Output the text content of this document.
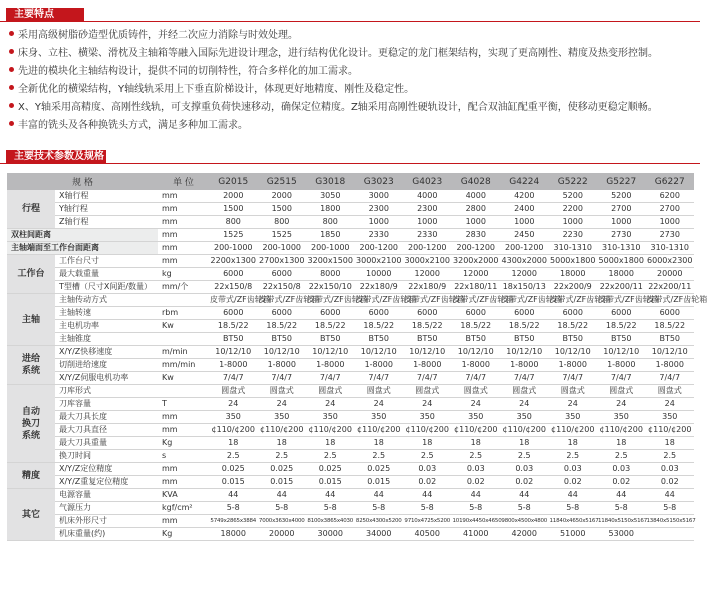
主要特点
采用高级树脂砂造型优质铸件，并经二次应力消除与时效处理。
床身、立柱、横梁、滑枕及主轴箱等融入国际先进设计理念，进行结构优化设计。更稳定的龙门框架结构，实现了更高刚性、精度及热变形控制。
先进的模块化主轴结构设计，提供不同的切削特性，符合多样化的加工需求。
全新优化的横梁结构，Y轴线轨采用上下垂直阶梯设计，体现更好地精度、刚性及稳定性。
X、Y轴采用高精度、高刚性线轨，可支撑重负荷快速移动，确保定位精度。Z轴采用高刚性硬轨设计，配合双油缸配重平衡，使移动更稳定顺畅。
丰富的铣头及各种换铣头方式，满足多种加工需求。
主要技术参数及规格
规 格		单 位	G2015	G2515	G3018	G3023	G4023	G4028	G4224	G5222	G5227	G6227
行程	X轴行程	mm	2000	2000	3050	3000	4000	4000	4200	5200	5200	6200
	Y轴行程	mm	1500	1500	1800	2300	2300	2800	2400	2200	2700	2700
	Z轴行程	mm	800	800	800	1000	1000	1000	1000	1000	1000	1000
双柱间距离		mm	1525	1525	1850	2330	2330	2830	2450	2230	2730	2730
主轴端面至工作台面距离		mm	200-1000	200-1000	200-1000	200-1200	200-1200	200-1200	200-1200	310-1310	310-1310	310-1310
工作台	工作台尺寸	mm	2200x1300	2700x1300	3200x1500	3000x2100	3000x2100	3200x2000	4300x2000	5000x1800	5000x1800	6000x2300
	最大载重量	kg	6000	6000	8000	10000	12000	12000	12000	18000	18000	20000
	T型槽（尺寸X间距/数量）	mm/个	22x150/8	22x150/8	22x150/10	22x180/9	22x180/9	22x180/11	18x150/13	22x200/9	22x200/11	22x200/11
主轴	主轴传动方式		皮带式/ZF齿轮箱	皮带式/ZF齿轮箱	皮带式/ZF齿轮箱	皮带式/ZF齿轮箱	皮带式/ZF齿轮箱	皮带式/ZF齿轮箱	皮带式/ZF齿轮箱	皮带式/ZF齿轮箱	皮带式/ZF齿轮箱	皮带式/ZF齿轮箱
	主轴转速	rbm	6000	6000	6000	6000	6000	6000	6000	6000	6000	6000
	主电机功率	Kw	18.5/22	18.5/22	18.5/22	18.5/22	18.5/22	18.5/22	18.5/22	18.5/22	18.5/22	18.5/22
	主轴锥度		BT50	BT50	BT50	BT50	BT50	BT50	BT50	BT50	BT50	BT50
进给系统	X/Y/Z快移速度	m/min	10/12/10	10/12/10	10/12/10	10/12/10	10/12/10	10/12/10	10/12/10	10/12/10	10/12/10	10/12/10
	切削进给速度	mm/min	1-8000	1-8000	1-8000	1-8000	1-8000	1-8000	1-8000	1-8000	1-8000	1-8000
	X/Y/Z伺服电机功率	Kw	7/4/7	7/4/7	7/4/7	7/4/7	7/4/7	7/4/7	7/4/7	7/4/7	7/4/7	7/4/7
自动换刀系统	刀库形式		圆盘式	圆盘式	圆盘式	圆盘式	圆盘式	圆盘式	圆盘式	圆盘式	圆盘式	圆盘式
	刀库容量	T	24	24	24	24	24	24	24	24	24	24
	最大刀具长度	mm	350	350	350	350	350	350	350	350	350	350
	最大刀具直径	mm	¢110/¢200	¢110/¢200	¢110/¢200	¢110/¢200	¢110/¢200	¢110/¢200	¢110/¢200	¢110/¢200	¢110/¢200	¢110/¢200
	最大刀具重量	Kg	18	18	18	18	18	18	18	18	18	18
	换刀时间	s	2.5	2.5	2.5	2.5	2.5	2.5	2.5	2.5	2.5	2.5
精度	X/Y/Z定位精度	mm	0.025	0.025	0.025	0.025	0.03	0.03	0.03	0.03	0.03	0.03
	X/Y/Z重复定位精度	mm	0.015	0.015	0.015	0.015	0.02	0.02	0.02	0.02	0.02	0.02
其它	电源容量	KVA	44	44	44	44	44	44	44	44	44	44
	气源压力	kgf/cm²	5-8	5-8	5-8	5-8	5-8	5-8	5-8	5-8	5-8	5-8
	机床外形尺寸	mm	5749x2865x3884	7000x3630x4000	8100x3865x4030	8250x4300x5200	9710x4725x5200	10190x4450x4650	9800x4500x4800	11840x4650x5167	11840x5150x5167	13840x5150x5167
	机床重量(约)	Kg	18000	20000	30000	34000	40500	41000	42000	51000	53000	
